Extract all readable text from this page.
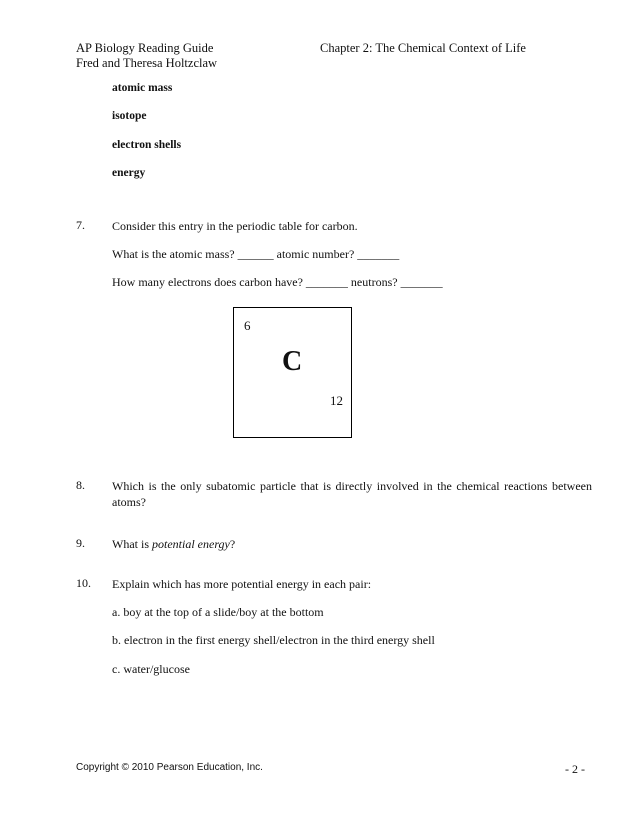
AP Biology Reading Guide
Fred and Theresa Holtzclaw
Chapter 2: The Chemical Context of Life
atomic mass
isotope
electron shells
energy
7. Consider this entry in the periodic table for carbon.
What is the atomic mass? ______ atomic number? _______
How many electrons does carbon have? _______ neutrons? _______
6
C
12
8. Which is the only subatomic particle that is directly involved in the chemical reactions between atoms?
9. What is potential energy?
10. Explain which has more potential energy in each pair:
a. boy at the top of a slide/boy at the bottom
b. electron in the first energy shell/electron in the third energy shell
c. water/glucose
Copyright © 2010 Pearson Education, Inc.	- 2 -
